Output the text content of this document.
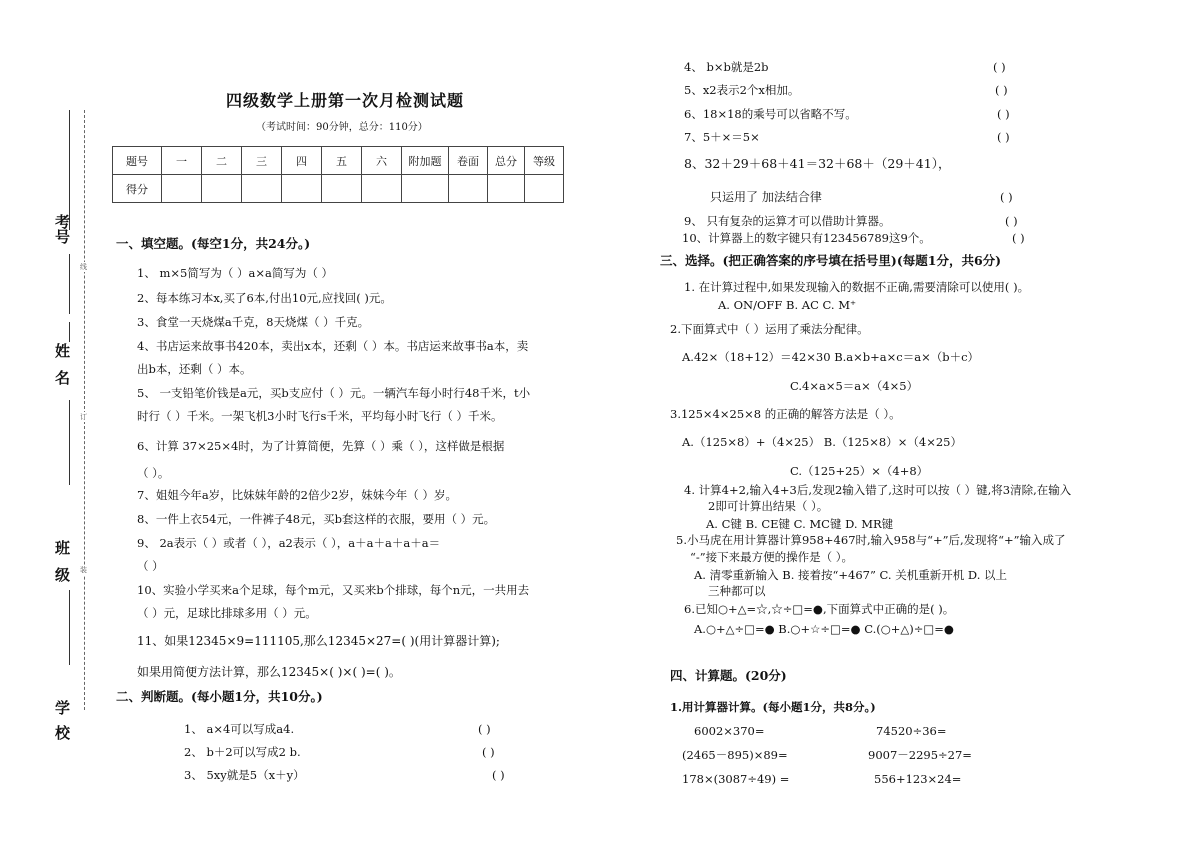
四级数学上册第一次月检测试题
（考试时间：90分钟，总分：110分）
题号	一	二	三	四	五	六	附加题	卷面	总分	等级
得分										
线
订
装
考号
姓名
班级
学校
一、填空题。(每空1分，共24分。)
1、 m×5简写为（ ）a×a简写为（ ）
2、每本练习本x,买了6本,付出10元,应找回( )元。
3、食堂一天烧煤a千克，8天烧煤（ ）千克。
4、书店运来故事书420本，卖出x本，还剩（ ）本。书店运来故事书a本，卖
出b本，还剩（ ）本。
5、 一支铅笔价钱是a元，买b支应付（ ）元。一辆汽车每小时行48千米，t小
时行（ ）千米。一架飞机3小时飞行s千米，平均每小时飞行（ ）千米。
6、计算 37×25×4时，为了计算简便，先算（ ）乘（ ），这样做是根据
（ ）。
7、姐姐今年a岁，比妹妹年龄的2倍少2岁，妹妹今年（ ）岁。
8、一件上衣54元，一件裤子48元，买b套这样的衣服，要用（ ）元。
9、 2a表示（ ）或者（ ），a2表示（ ），a＋a＋a＋a＋a＝
（ ）
10、实验小学买来a个足球，每个m元，又买来b个排球，每个n元，一共用去
（ ）元，足球比排球多用（ ）元。
11、如果12345×9=111105,那么12345×27=( )(用计算器计算);
如果用简便方法计算，那么12345×( )×( )=( )。
二、判断题。(每小题1分，共10分。)
1、 a×4可以写成a4.	( )
2、 b＋2可以写成2 b.	( )
3、 5xy就是5（x＋y）	( )
4、 b×b就是2b	( )
5、x2表示2个x相加。	( )
6、18×18的乘号可以省略不写。	( )
7、5＋×＝5×	( )
8、32＋29＋68＋41＝32＋68＋（29＋41），
只运用了 加法结合律	( )
9、 只有复杂的运算才可以借助计算器。	( )
10、计算器上的数字键只有123456789这9个。	( )
三、选择。(把正确答案的序号填在括号里)(每题1分，共6分)
1. 在计算过程中,如果发现输入的数据不正确,需要清除可以使用( )。
A. ON/OFF B. AC C. M⁺
2.下面算式中（ ）运用了乘法分配律。
A.42×（18+12）＝42×30 B.a×b+a×c＝a×（b＋c）
C.4×a×5＝a×（4×5）
3.125×4×25×8 的正确的解答方法是（ ）。
A.（125×8）+（4×25） B.（125×8）×（4×25）
C.（125+25）×（4+8）
4. 计算4+2,输入4+3后,发现2输入错了,这时可以按（ ）键,将3清除,在输入
2即可计算出结果（ ）。
A. C键 B. CE键 C. MC键 D. MR键
5.小马虎在用计算器计算958+467时,输入958与“+”后,发现将“+”输入成了
“-”接下来最方便的操作是（ ）。
A. 清零重新输入 B. 接着按“+467” C. 关机重新开机 D. 以上
三种都可以
6.已知○+△=☆,☆÷□=●,下面算式中正确的是( )。
A.○+△÷□=● B.○+☆÷□=● C.(○+△)÷□=●
四、计算题。(20分)
1.用计算器计算。(每小题1分，共8分。)
6002×370=	74520÷36=
(2465－895)×89=	9007－2295÷27=
178×(3087÷49) =	556+123×24=
